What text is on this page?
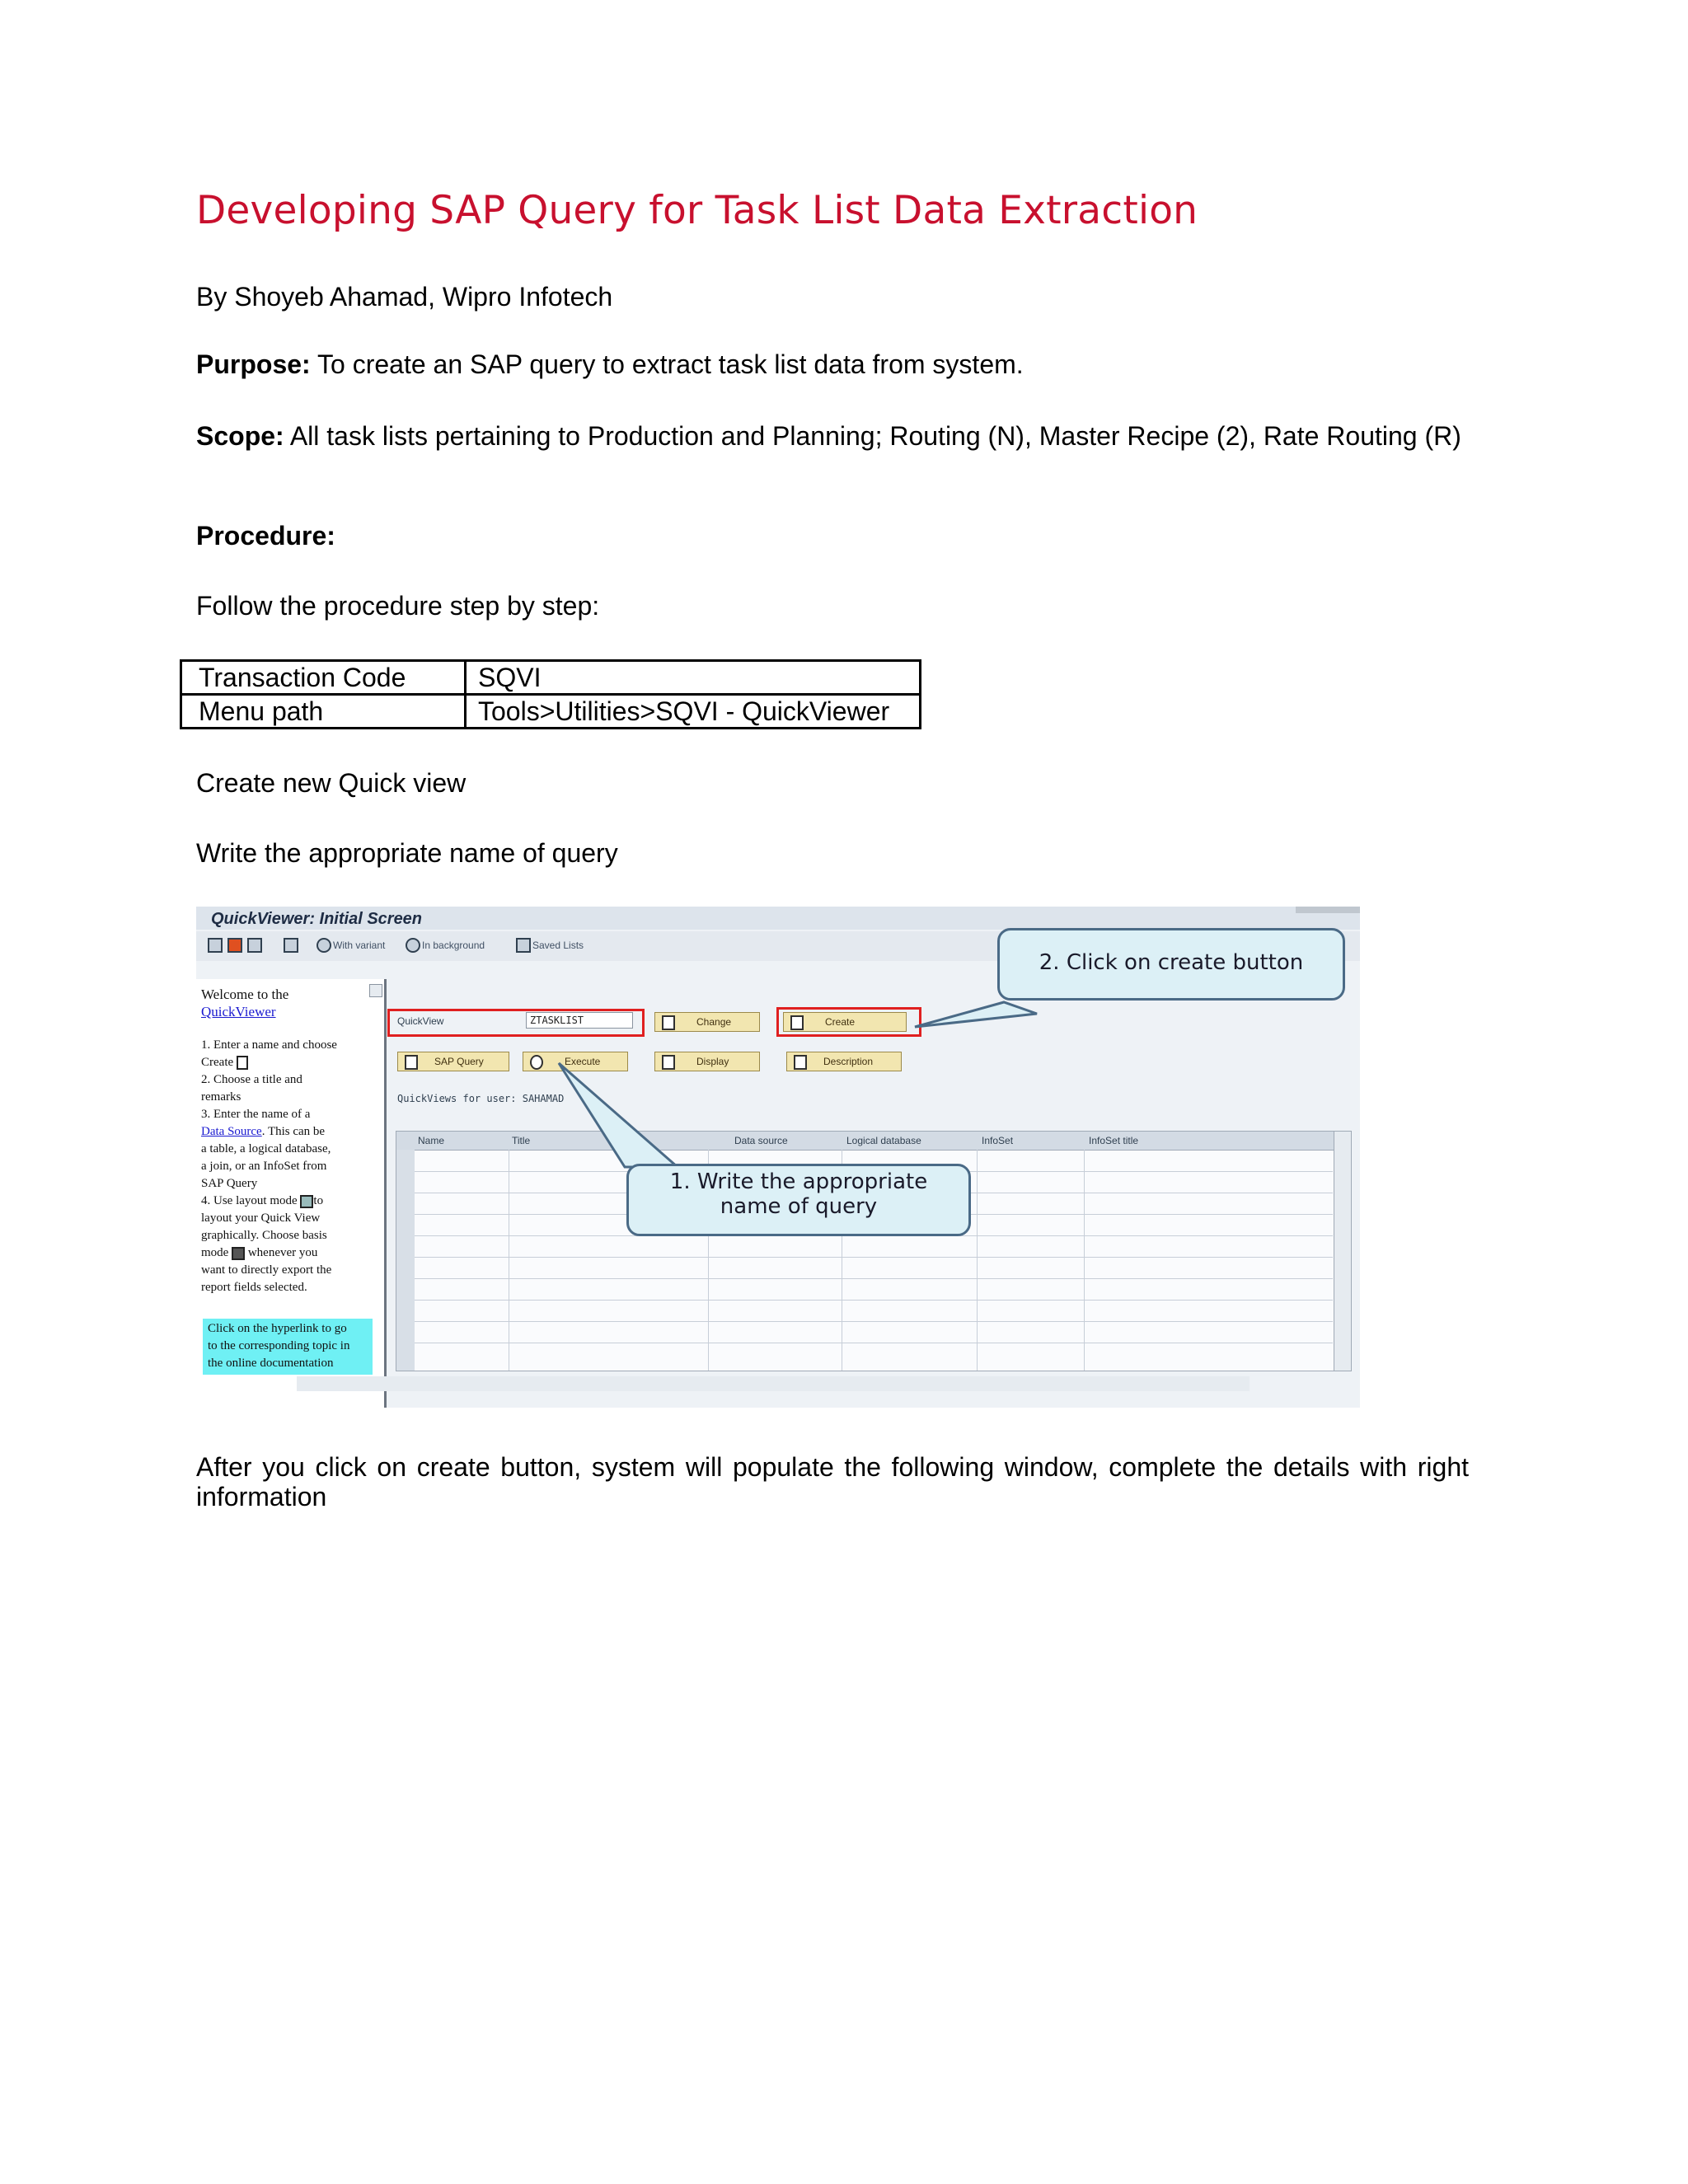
Developing SAP Query for Task List Data Extraction
By Shoyeb Ahamad, Wipro Infotech
Purpose: To create an SAP query to extract task list data from system.
Scope: All task lists pertaining to Production and Planning; Routing (N), Master Recipe (2), Rate Routing (R)
Procedure:
Follow the procedure step by step:
Transaction Code	SQVI
Menu path	Tools>Utilities>SQVI - QuickViewer
Create new Quick view
Write the appropriate name of query
QuickViewer: Initial Screen
With variant	In background	Saved Lists
Welcome to the
QuickViewer
1. Enter a name and choose
Create
2. Choose a title and
remarks
3. Enter the name of a
Data Source. This can be
a table, a logical database,
a join, or an InfoSet from
SAP Query
4. Use layout mode to
layout your Quick View
graphically. Choose basis
mode whenever you
want to directly export the
report fields selected.
Click on the hyperlink to go
to the corresponding topic in
the online documentation
QuickView	ZTASKLIST	Change	Create
SAP Query	Execute	Display	Description
QuickViews for user: SAHAMAD
Name	Title	Data source	Logical database	InfoSet	InfoSet title
2. Click on create button
1. Write the appropriate
name of query
After you click on create button, system will populate the following window, complete the details with right information
